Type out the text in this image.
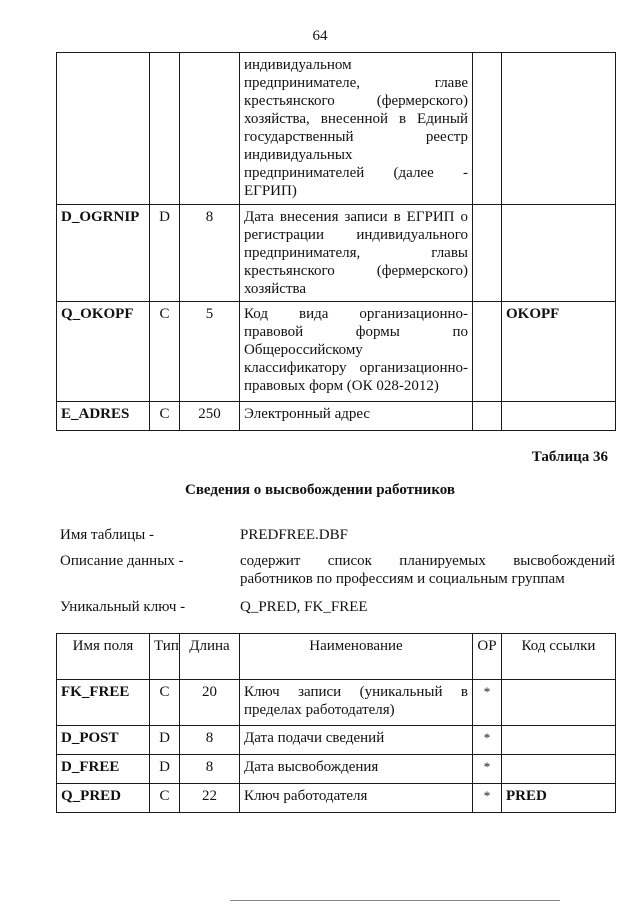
64
			индивидуальном предпринимателе, главе крестьянского (фермерского) хозяйства, внесенной в Единый государственный реестр индивидуальных предпринимателей (далее - ЕГРИП)		
D_OGRNIP	D	8	Дата внесения записи в ЕГРИП о регистрации индивидуального предпринимателя, главы крестьянского (фермерского) хозяйства		
Q_OKOPF	C	5	Код вида организационно-правовой формы по Общероссийскому классификатору организационно-правовых форм (ОК 028-2012)		OKOPF
E_ADRES	C	250	Электронный адрес		
Таблица 36
Сведения о высвобождении работников
Имя таблицы -	PREDFREE.DBF
Описание данных -	содержит список планируемых высвобождений работников по профессиям и социальным группам
Уникальный ключ -	Q_PRED, FK_FREE
Имя поля	Тип	Длина	Наименование	ОР	Код ссылки
FK_FREE	C	20	Ключ записи (уникальный в пределах работодателя)	*	
D_POST	D	8	Дата подачи сведений	*	
D_FREE	D	8	Дата высвобождения	*	
Q_PRED	C	22	Ключ работодателя	*	PRED
